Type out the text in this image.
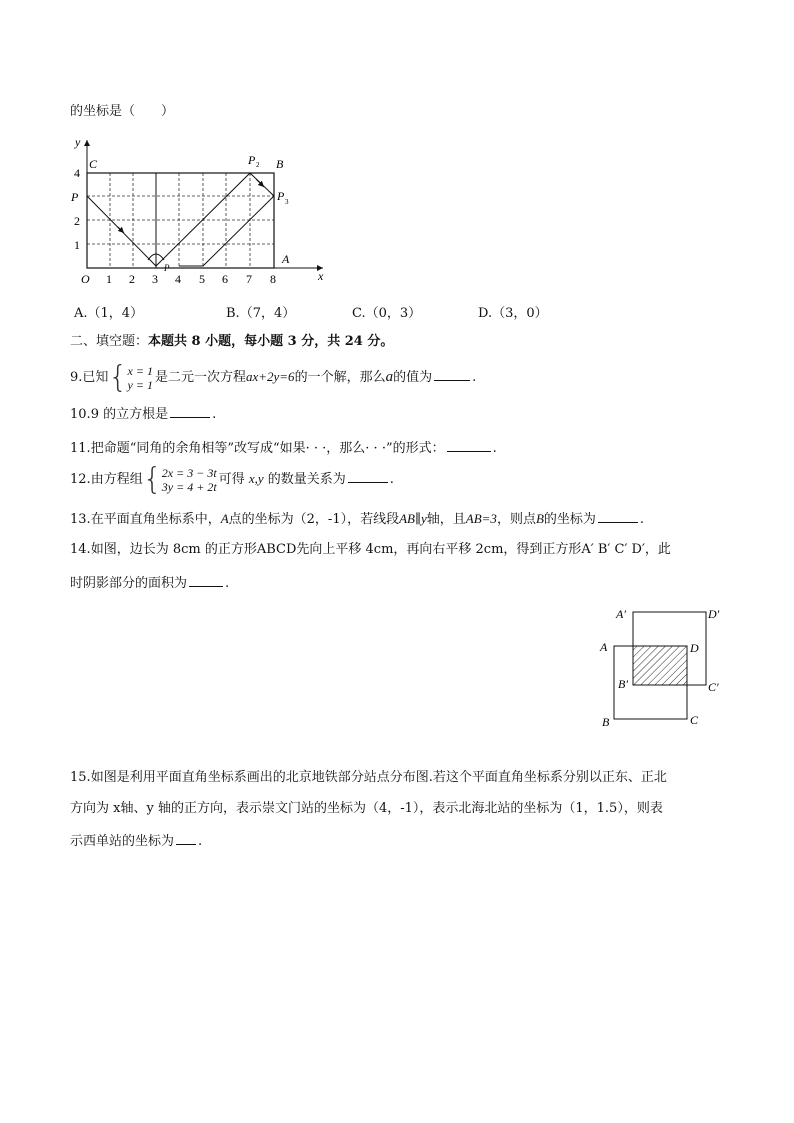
的坐标是（　　）
y
x
C	B
A
P
P 2
P 3
P
4
2
1
O 1 2 3 4 5 6 7 8
A.（1，4）	B.（7，4）	C.（0，3）	D.（3，0）
二、填空题：本题共 8 小题，每小题 3 分，共 24 分。
9.已知{x = 1
y = 1 是二元一次方程ax+2y=6的一个解，那么a的值为	.
10.9 的立方根是	.
11.把命题“同角的余角相等”改写成“如果· · ·，那么· · ·”的形式：	.
12.由方程组{2x = 3 − 3t
3y = 4 + 2t 可得 x,y 的数量关系为	.
13.在平面直角坐标系中，A点的坐标为（2，-1），若线段AB∥y轴，且AB=3，则点B的坐标为	.
14.如图，边长为 8cm 的正方形ABCD先向上平移 4cm，再向右平移 2cm，得到正方形A′ B′ C′ D′，此
时阴影部分的面积为	.
A′	D′
A	D
B′	C′
B	C
15.如图是利用平面直角坐标系画出的北京地铁部分站点分布图.若这个平面直角坐标系分别以正东、正北
方向为 x轴、y 轴的正方向，表示崇文门站的坐标为（4，-1），表示北海北站的坐标为（1，1.5），则表
示西单站的坐标为 .
